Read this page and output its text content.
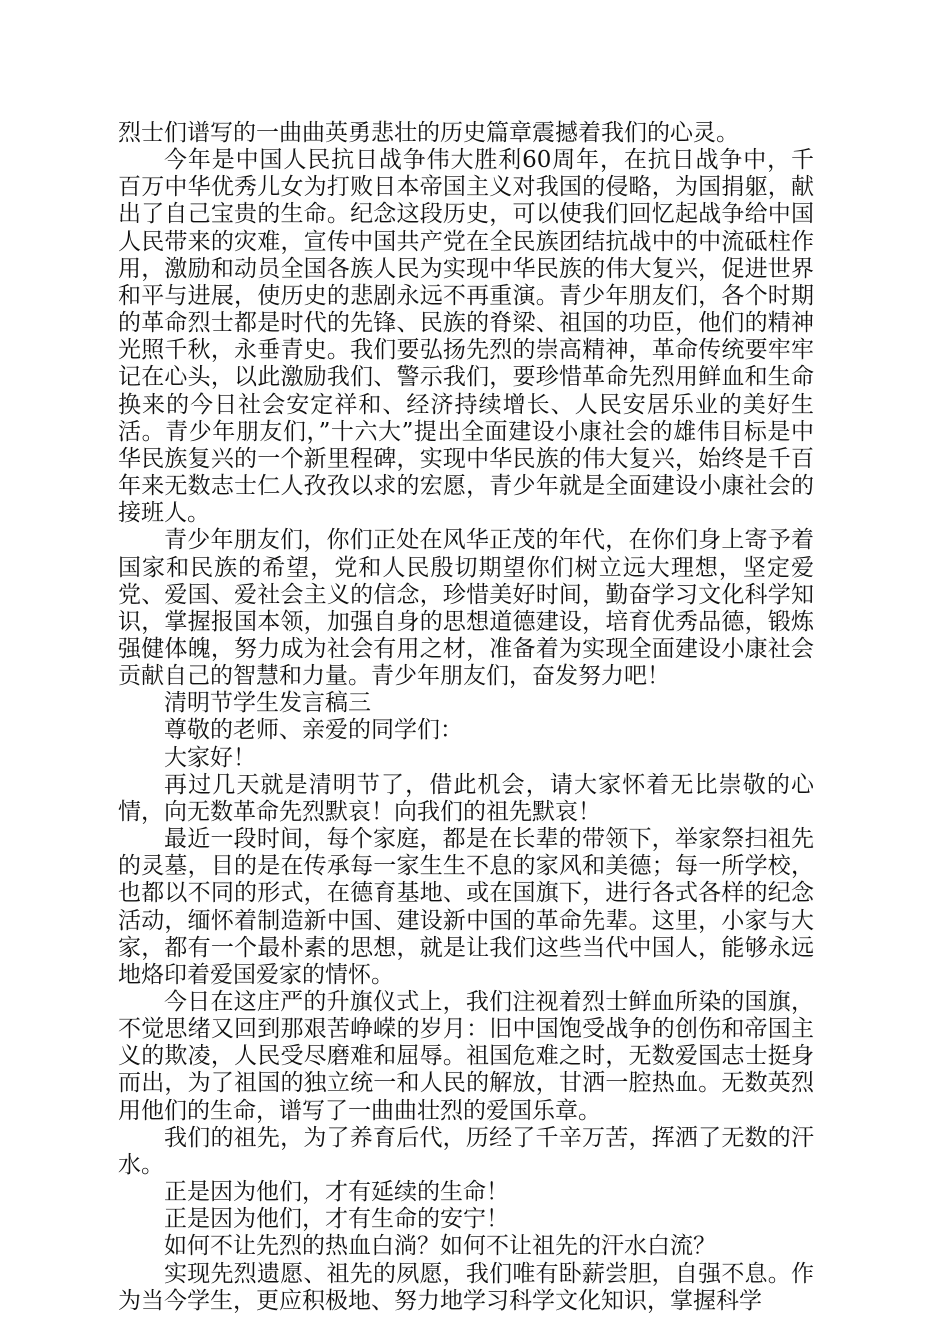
烈士们谱写的一曲曲英勇悲壮的历史篇章震撼着我们的心灵。

今年是中国人民抗日战争伟大胜利60周年，在抗日战争中，千百万中华优秀儿女为打败日本帝国主义对我国的侵略，为国捐躯，献出了自己宝贵的生命。纪念这段历史，可以使我们回忆起战争给中国人民带来的灾难，宣传中国共产党在全民族团结抗战中的中流砥柱作用，激励和动员全国各族人民为实现中华民族的伟大复兴，促进世界和平与进展，使历史的悲剧永远不再重演。青少年朋友们，各个时期的革命烈士都是时代的先锋、民族的脊梁、祖国的功臣，他们的精神光照千秋，永垂青史。我们要弘扬先烈的崇高精神，革命传统要牢牢记在心头，以此激励我们、警示我们，要珍惜革命先烈用鲜血和生命换来的今日社会安定祥和、经济持续增长、人民安居乐业的美好生活。青少年朋友们，”十六大”提出全面建设小康社会的雄伟目标是中华民族复兴的一个新里程碑，实现中华民族的伟大复兴，始终是千百年来无数志士仁人孜孜以求的宏愿，青少年就是全面建设小康社会的接班人。

青少年朋友们，你们正处在风华正茂的年代，在你们身上寄予着国家和民族的希望，党和人民殷切期望你们树立远大理想，坚定爱党、爱国、爱社会主义的信念，珍惜美好时间，勤奋学习文化科学知识，掌握报国本领，加强自身的思想道德建设，培育优秀品德，锻炼强健体魄，努力成为社会有用之材，准备着为实现全面建设小康社会贡献自己的智慧和力量。青少年朋友们，奋发努力吧！

清明节学生发言稿三

尊敬的老师、亲爱的同学们：

大家好！

再过几天就是清明节了，借此机会，请大家怀着无比崇敬的心情，向无数革命先烈默哀！向我们的祖先默哀！

最近一段时间，每个家庭，都是在长辈的带领下，举家祭扫祖先的灵墓，目的是在传承每一家生生不息的家风和美德；每一所学校，也都以不同的形式，在德育基地、或在国旗下，进行各式各样的纪念活动，缅怀着制造新中国、建设新中国的革命先辈。这里，小家与大家，都有一个最朴素的思想，就是让我们这些当代中国人，能够永远地烙印着爱国爱家的情怀。

今日在这庄严的升旗仪式上，我们注视着烈士鲜血所染的国旗，不觉思绪又回到那艰苦峥嵘的岁月：旧中国饱受战争的创伤和帝国主义的欺凌，人民受尽磨难和屈辱。祖国危难之时，无数爱国志士挺身而出，为了祖国的独立统一和人民的解放，甘洒一腔热血。无数英烈用他们的生命，谱写了一曲曲壮烈的爱国乐章。

我们的祖先，为了养育后代，历经了千辛万苦，挥洒了无数的汗水。

正是因为他们，才有延续的生命！

正是因为他们，才有生命的安宁！

如何不让先烈的热血白淌？如何不让祖先的汗水白流？

实现先烈遗愿、祖先的夙愿，我们唯有卧薪尝胆，自强不息。作为当今学生，更应积极地、努力地学习科学文化知识，掌握科学
